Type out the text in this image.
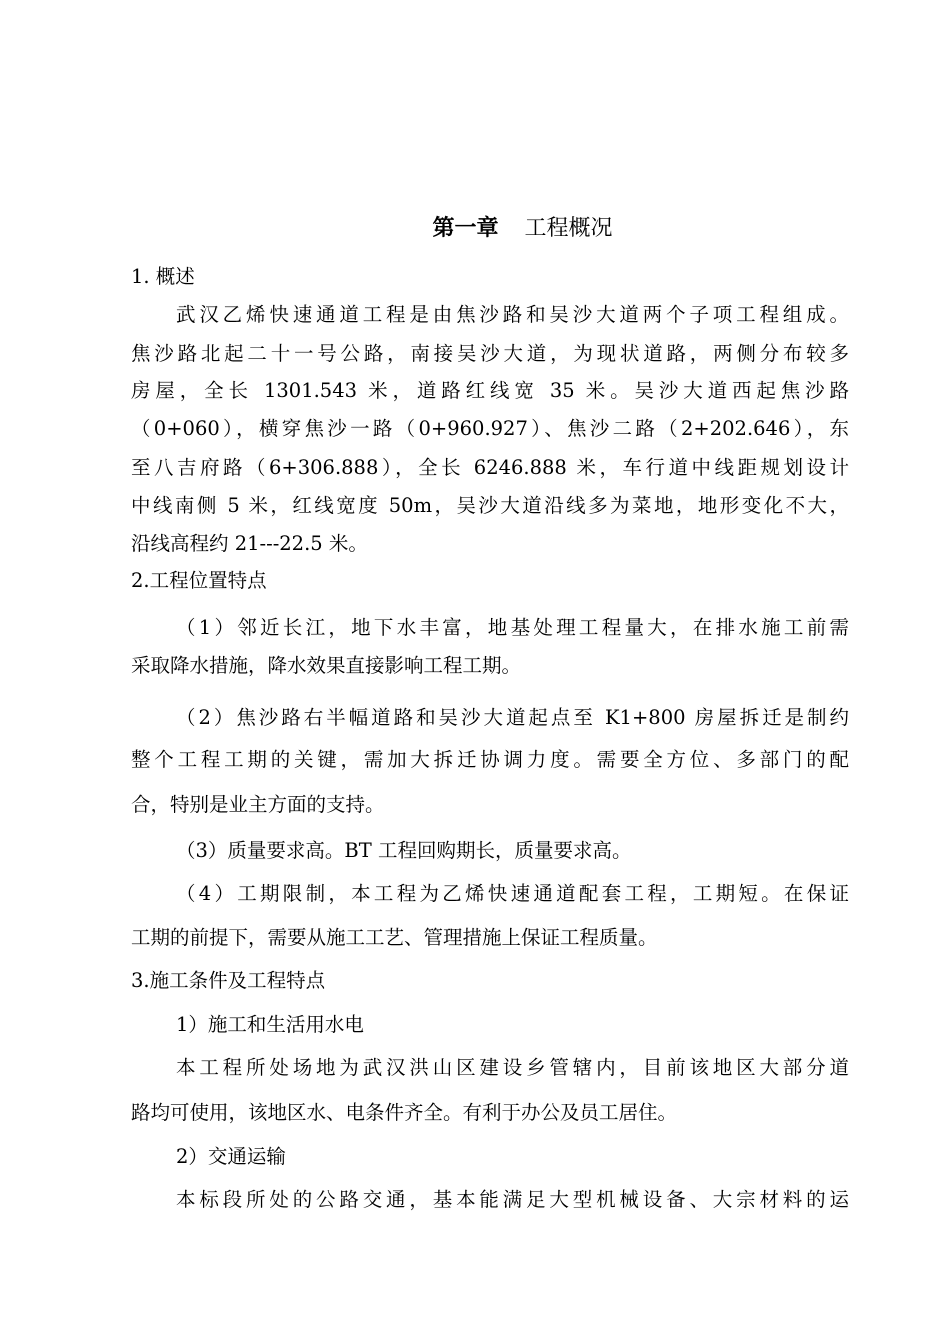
第一章 工程概况
1. 概述
武汉乙烯快速通道工程是由焦沙路和吴沙大道两个子项工程组成。
焦沙路北起二十一号公路，南接吴沙大道，为现状道路，两侧分布较多
房屋，全长 1301.543 米，道路红线宽 35 米。吴沙大道西起焦沙路
（0+060），横穿焦沙一路（0+960.927）、焦沙二路（2+202.646），东
至八吉府路（6+306.888），全长 6246.888 米，车行道中线距规划设计
中线南侧 5 米，红线宽度 50m，吴沙大道沿线多为菜地，地形变化不大，
沿线高程约 21---22.5 米。
2.工程位置特点
（1）邻近长江，地下水丰富，地基处理工程量大，在排水施工前需
采取降水措施，降水效果直接影响工程工期。
（2）焦沙路右半幅道路和吴沙大道起点至 K1+800 房屋拆迁是制约
整个工程工期的关键，需加大拆迁协调力度。需要全方位、多部门的配
合，特别是业主方面的支持。
（3）质量要求高。BT 工程回购期长，质量要求高。
（4）工期限制，本工程为乙烯快速通道配套工程，工期短。在保证
工期的前提下，需要从施工工艺、管理措施上保证工程质量。
3.施工条件及工程特点
1）施工和生活用水电
本工程所处场地为武汉洪山区建设乡管辖内，目前该地区大部分道
路均可使用，该地区水、电条件齐全。有利于办公及员工居住。
2）交通运输
本标段所处的公路交通，基本能满足大型机械设备、大宗材料的运
